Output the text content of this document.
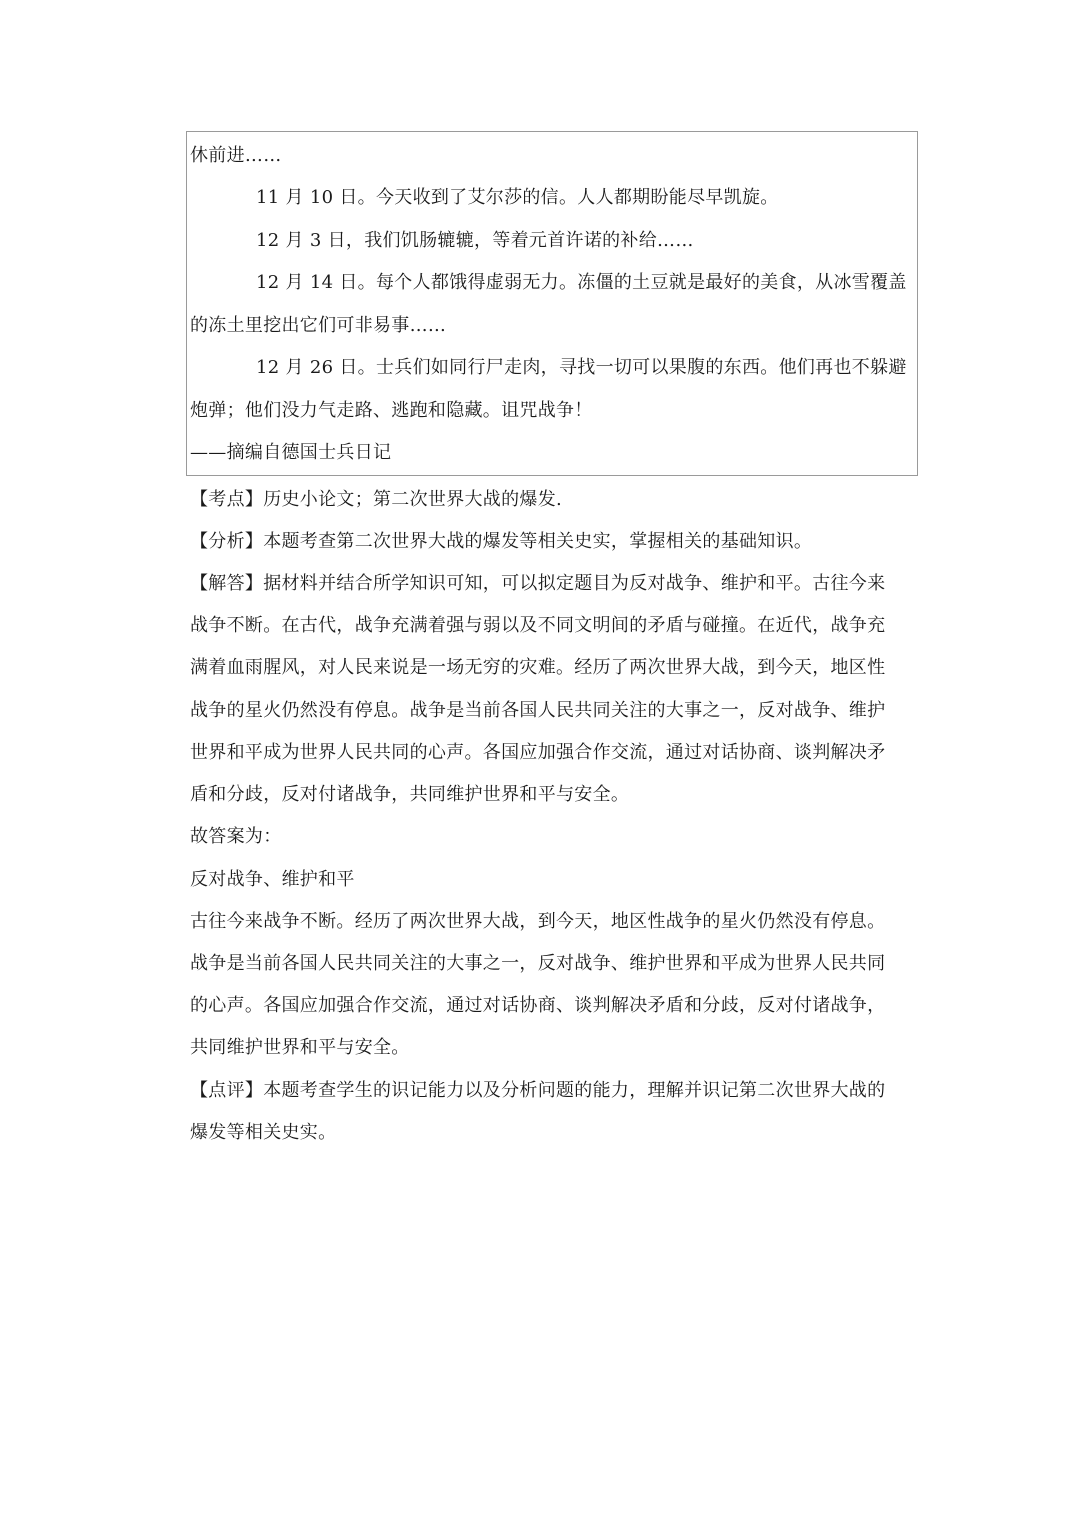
休前进……
11 月 10 日。今天收到了艾尔莎的信。人人都期盼能尽早凯旋。
12 月 3 日，我们饥肠辘辘，等着元首许诺的补给……
12 月 14 日。每个人都饿得虚弱无力。冻僵的土豆就是最好的美食，从冰雪覆盖
的冻土里挖出它们可非易事……
12 月 26 日。士兵们如同行尸走肉，寻找一切可以果腹的东西。他们再也不躲避
炮弹；他们没力气走路、逃跑和隐藏。诅咒战争！
——摘编自德国士兵日记
【考点】历史小论文；第二次世界大战的爆发.
【分析】本题考查第二次世界大战的爆发等相关史实，掌握相关的基础知识。
【解答】据材料并结合所学知识可知，可以拟定题目为反对战争、维护和平。古往今来
战争不断。在古代，战争充满着强与弱以及不同文明间的矛盾与碰撞。在近代，战争充
满着血雨腥风，对人民来说是一场无穷的灾难。经历了两次世界大战，到今天，地区性
战争的星火仍然没有停息。战争是当前各国人民共同关注的大事之一，反对战争、维护
世界和平成为世界人民共同的心声。各国应加强合作交流，通过对话协商、谈判解决矛
盾和分歧，反对付诸战争，共同维护世界和平与安全。
故答案为：
反对战争、维护和平
古往今来战争不断。经历了两次世界大战，到今天，地区性战争的星火仍然没有停息。
战争是当前各国人民共同关注的大事之一，反对战争、维护世界和平成为世界人民共同
的心声。各国应加强合作交流，通过对话协商、谈判解决矛盾和分歧，反对付诸战争，
共同维护世界和平与安全。
【点评】本题考查学生的识记能力以及分析问题的能力，理解并识记第二次世界大战的
爆发等相关史实。
